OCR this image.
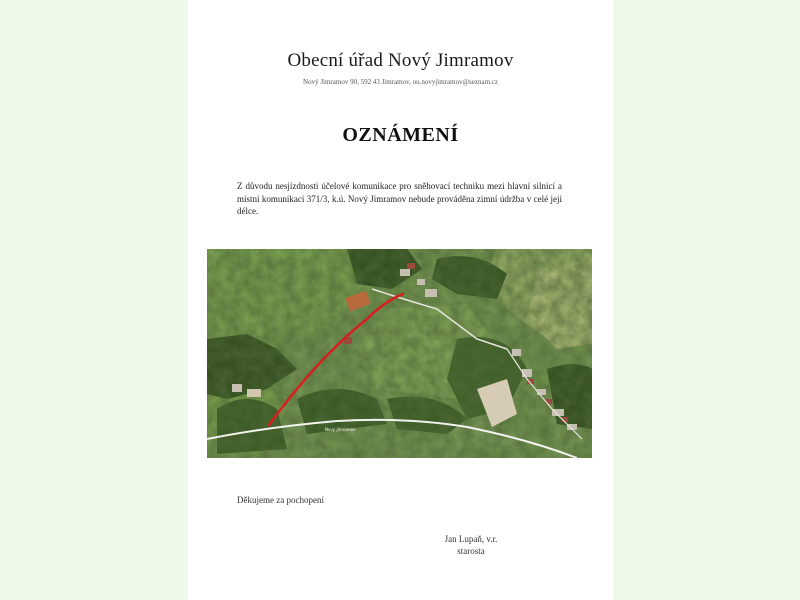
Obecní úřad Nový Jimramov
Nový Jimramov 90, 592 43 Jimramov, ou.novyjimramov@seznam.cz
OZNÁMENÍ
Z důvodu nesjízdnosti účelové komunikace pro sněhovací techniku mezi hlavní silnicí a místní komunikací 371/3, k.ú. Nový Jimramov nebude prováděna zimní údržba v celé její délce.
Nový Jimramov
Děkujeme za pochopení
Jan Lupaň, v.r.
starosta
